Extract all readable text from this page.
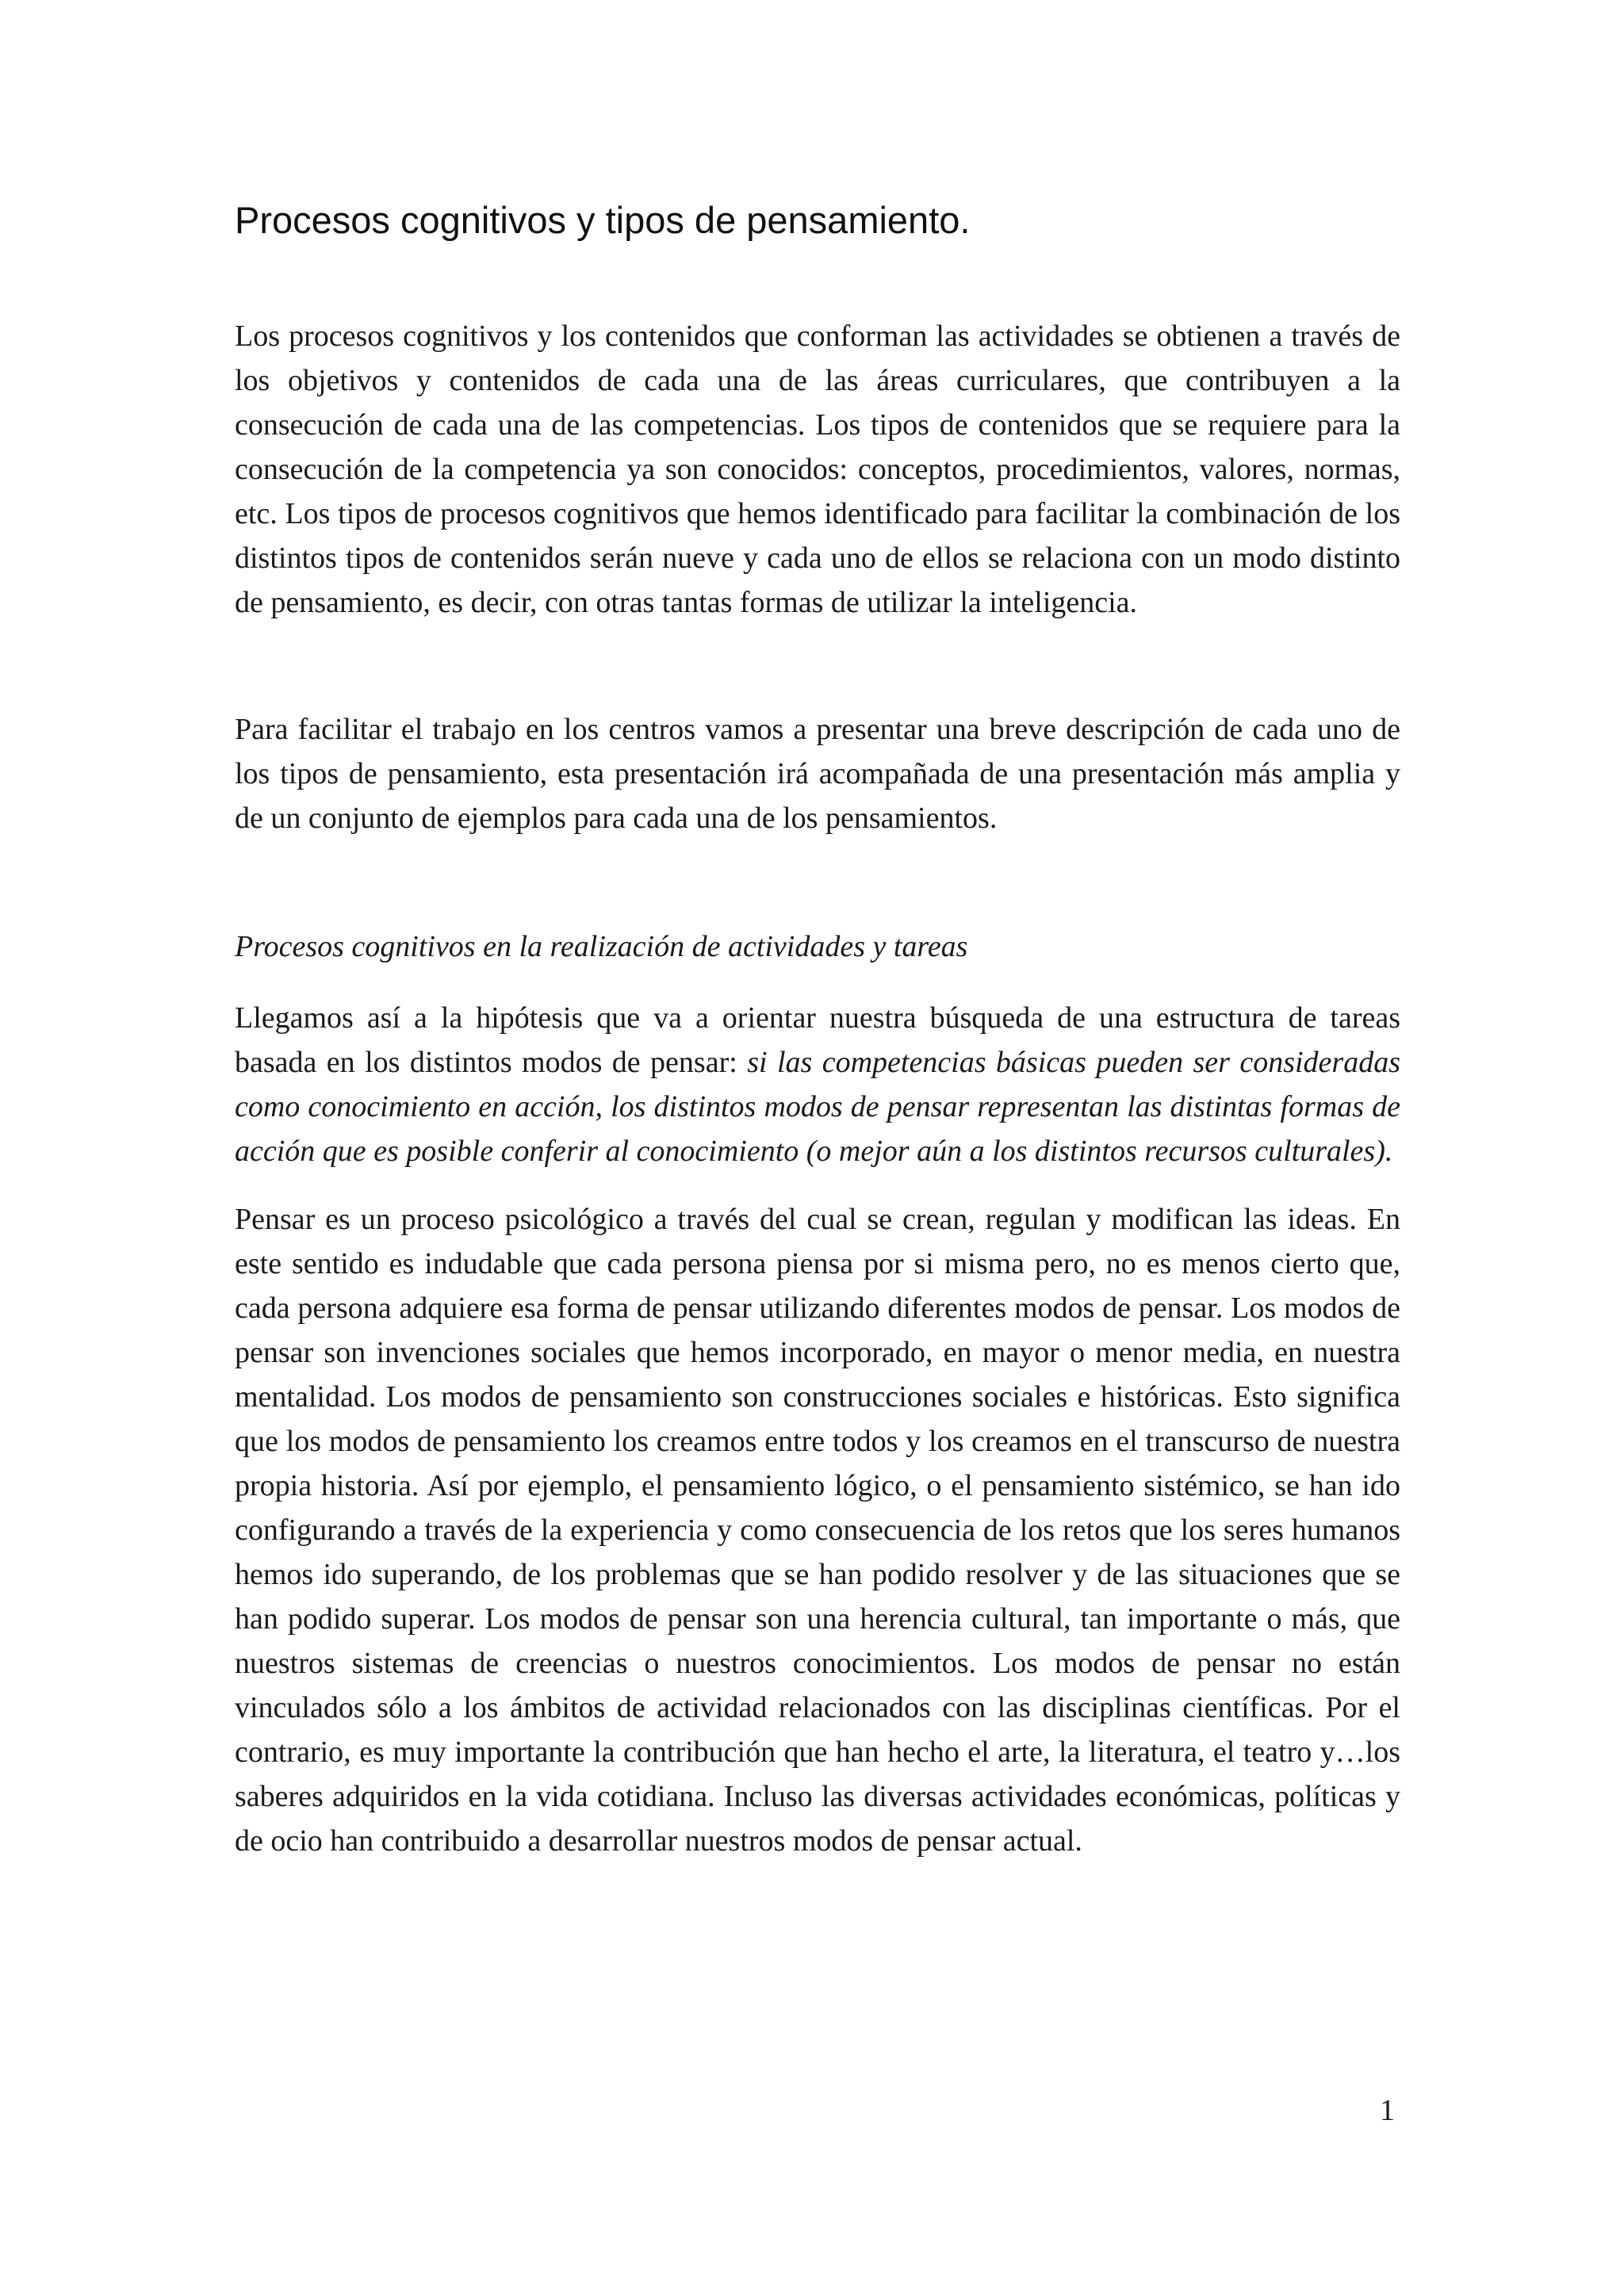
Procesos cognitivos y tipos de pensamiento.

Los procesos cognitivos y los contenidos que conforman las actividades se obtienen a través de los objetivos y contenidos de cada una de las áreas curriculares, que contribuyen a la consecución de cada una de las competencias. Los tipos de contenidos que se requiere para la consecución de la competencia ya son conocidos: conceptos, procedimientos, valores, normas, etc. Los tipos de procesos cognitivos que hemos identificado para facilitar la combinación de los distintos tipos de contenidos serán nueve y cada uno de ellos se relaciona con un modo distinto de pensamiento, es decir, con otras tantas formas de utilizar la inteligencia.

Para facilitar el trabajo en los centros vamos a presentar una breve descripción de cada uno de los tipos de pensamiento, esta presentación irá acompañada de una presentación más amplia y de un conjunto de ejemplos para cada una de los pensamientos.

Procesos cognitivos en la realización de actividades y tareas

Llegamos así a la hipótesis que va a orientar nuestra búsqueda de una estructura de tareas basada en los distintos modos de pensar: si las competencias básicas pueden ser consideradas como conocimiento en acción, los distintos modos de pensar representan las distintas formas de acción que es posible conferir al conocimiento (o mejor aún a los distintos recursos culturales).

Pensar es un proceso psicológico a través del cual se crean, regulan y modifican las ideas. En este sentido es indudable que cada persona piensa por si misma pero, no es menos cierto que, cada persona adquiere esa forma de pensar utilizando diferentes modos de pensar. Los modos de pensar son invenciones sociales que hemos incorporado, en mayor o menor media, en nuestra mentalidad. Los modos de pensamiento son construcciones sociales e históricas. Esto significa que los modos de pensamiento los creamos entre todos y los creamos en el transcurso de nuestra propia historia. Así por ejemplo, el pensamiento lógico, o el pensamiento sistémico, se han ido configurando a través de la experiencia y como consecuencia de los retos que los seres humanos hemos ido superando, de los problemas que se han podido resolver y de las situaciones que se han podido superar. Los modos de pensar son una herencia cultural, tan importante o más, que nuestros sistemas de creencias o nuestros conocimientos. Los modos de pensar no están vinculados sólo a los ámbitos de actividad relacionados con las disciplinas científicas. Por el contrario, es muy importante la contribución que han hecho el arte, la literatura, el teatro y…los saberes adquiridos en la vida cotidiana. Incluso las diversas actividades económicas, políticas y de ocio han contribuido a desarrollar nuestros modos de pensar actual.

1
